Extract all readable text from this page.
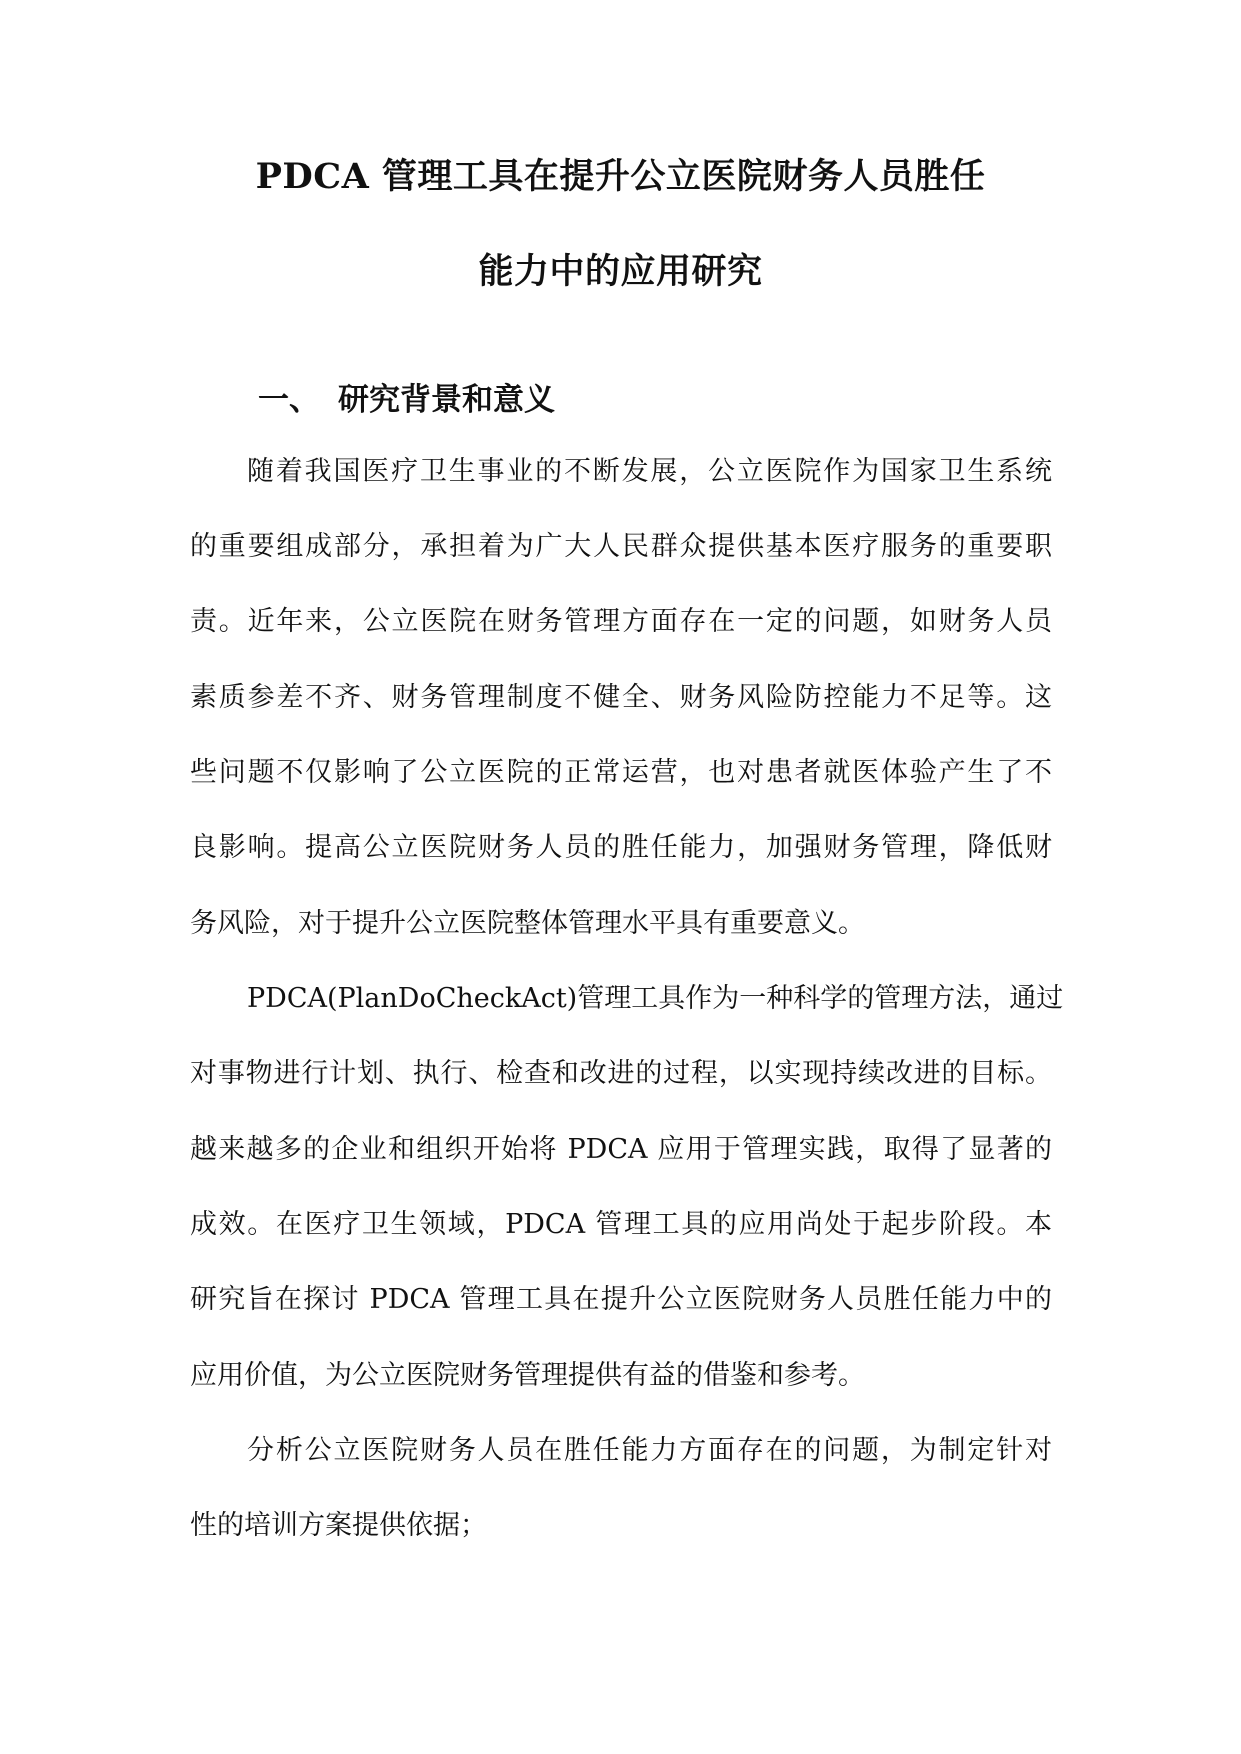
PDCA 管理工具在提升公立医院财务人员胜任
能力中的应用研究
一、 研究背景和意义

随着我国医疗卫生事业的不断发展，公立医院作为国家卫生系统

的重要组成部分，承担着为广大人民群众提供基本医疗服务的重要职

责。近年来，公立医院在财务管理方面存在一定的问题，如财务人员

素质参差不齐、财务管理制度不健全、财务风险防控能力不足等。这

些问题不仅影响了公立医院的正常运营，也对患者就医体验产生了不

良影响。提高公立医院财务人员的胜任能力，加强财务管理，降低财

务风险，对于提升公立医院整体管理水平具有重要意义。

PDCA(PlanDoCheckAct)管理工具作为一种科学的管理方法，通过

对事物进行计划、执行、检查和改进的过程，以实现持续改进的目标。

越来越多的企业和组织开始将 PDCA 应用于管理实践，取得了显著的

成效。在医疗卫生领域，PDCA 管理工具的应用尚处于起步阶段。本

研究旨在探讨 PDCA 管理工具在提升公立医院财务人员胜任能力中的

应用价值，为公立医院财务管理提供有益的借鉴和参考。

分析公立医院财务人员在胜任能力方面存在的问题，为制定针对

性的培训方案提供依据；
